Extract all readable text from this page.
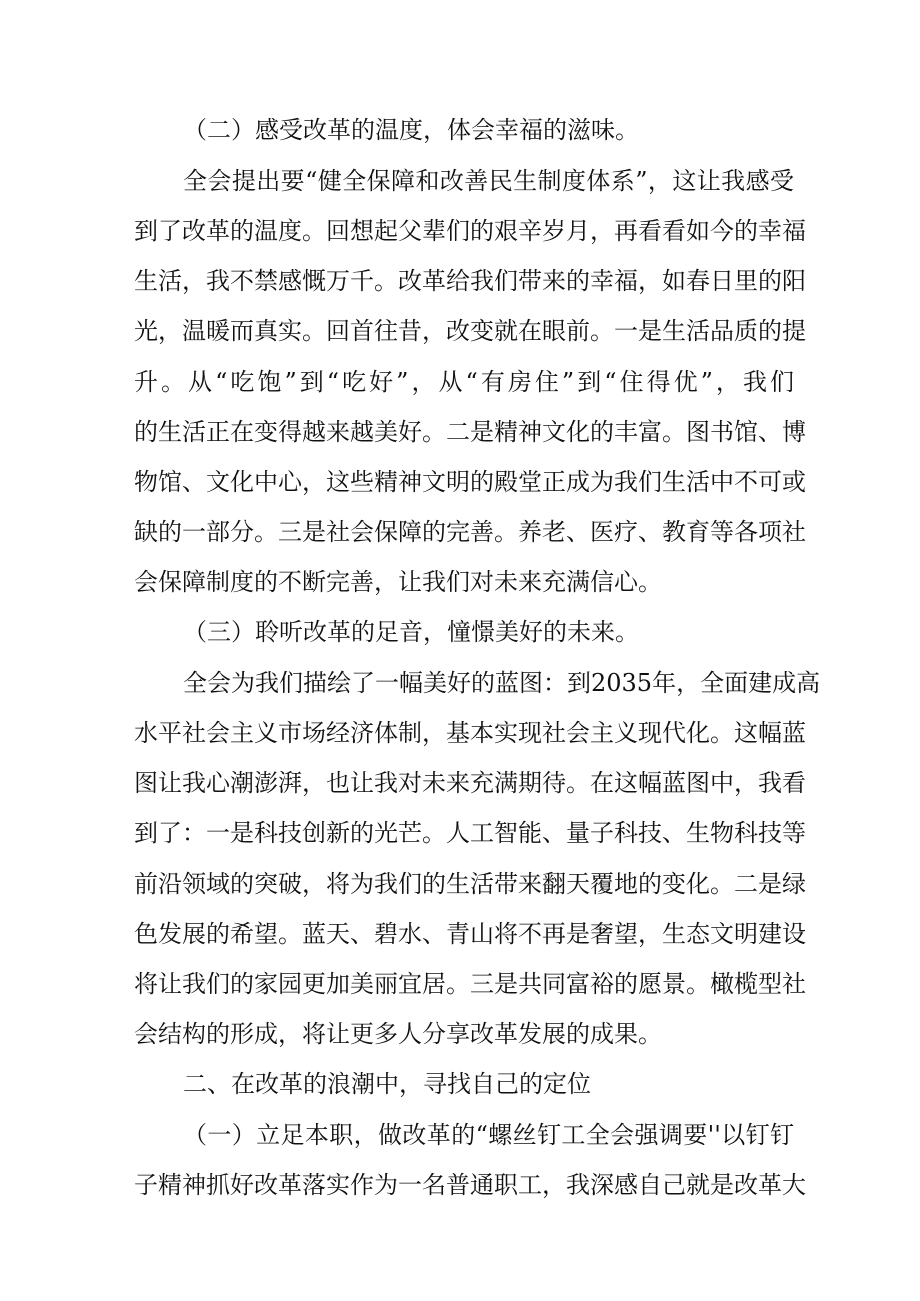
（二）感受改革的温度，体会幸福的滋味。
全会提出要“健全保障和改善民生制度体系”，这让我感受
到了改革的温度。回想起父辈们的艰辛岁月，再看看如今的幸福
生活，我不禁感慨万千。改革给我们带来的幸福，如春日里的阳
光，温暖而真实。回首往昔，改变就在眼前。一是生活品质的提
升。从“吃饱”到“吃好”，从“有房住”到“住得优”，我们
的生活正在变得越来越美好。二是精神文化的丰富。图书馆、博
物馆、文化中心，这些精神文明的殿堂正成为我们生活中不可或
缺的一部分。三是社会保障的完善。养老、医疗、教育等各项社
会保障制度的不断完善，让我们对未来充满信心。
（三）聆听改革的足音，憧憬美好的未来。
全会为我们描绘了一幅美好的蓝图：到2035年，全面建成高
水平社会主义市场经济体制，基本实现社会主义现代化。这幅蓝
图让我心潮澎湃，也让我对未来充满期待。在这幅蓝图中，我看
到了：一是科技创新的光芒。人工智能、量子科技、生物科技等
前沿领域的突破，将为我们的生活带来翻天覆地的变化。二是绿
色发展的希望。蓝天、碧水、青山将不再是奢望，生态文明建设
将让我们的家园更加美丽宜居。三是共同富裕的愿景。橄榄型社
会结构的形成，将让更多人分享改革发展的成果。
二、在改革的浪潮中，寻找自己的定位
（一）立足本职，做改革的“螺丝钉工全会强调要''以钉钉
子精神抓好改革落实作为一名普通职工，我深感自己就是改革大
